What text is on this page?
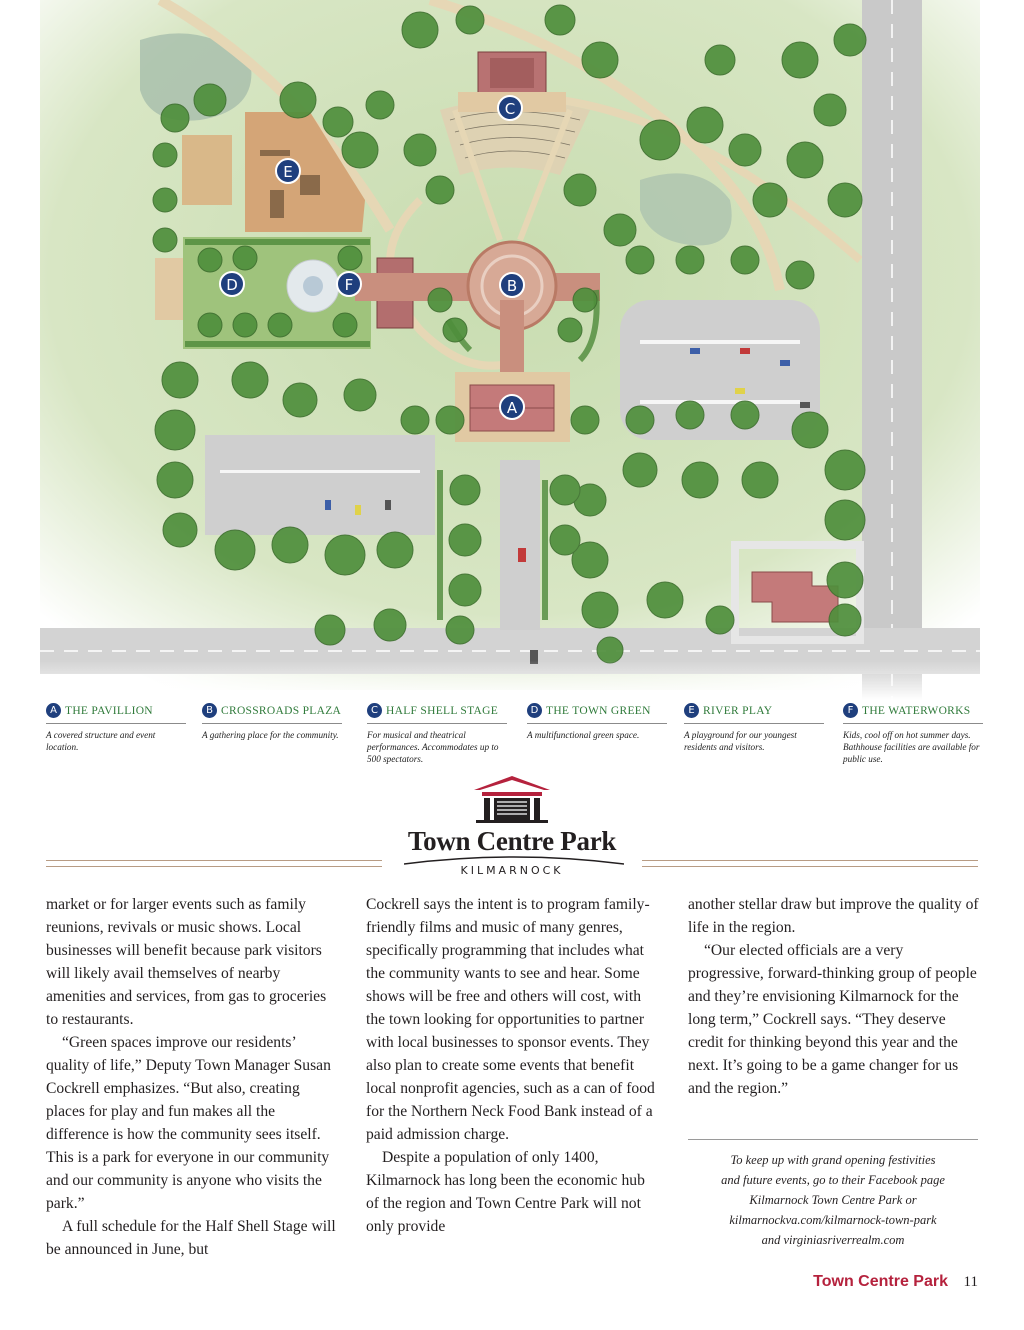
C
E
D	F	B
A
A THE PAVILLION
A covered structure and event location.
B CROSSROADS PLAZA
A gathering place for the community.
C HALF SHELL STAGE
For musical and theatrical performances. Accommodates up to 500 spectators.
D THE TOWN GREEN
A multifunctional green space.
E RIVER PLAY
A playground for our youngest residents and visitors.
F THE WATERWORKS
Kids, cool off on hot summer days. Bathhouse facilities are available for public use.
Town Centre Park
KILMARNOCK

market or for larger events such as family reunions, revivals or music shows. Local businesses will benefit because park visitors will likely avail themselves of nearby amenities and services, from gas to groceries to restaurants.

“Green spaces improve our residents’ quality of life,” Deputy Town Manager Susan Cockrell emphasizes. “But also, creating places for play and fun makes all the difference is how the community sees itself. This is a park for everyone in our community and our community is anyone who visits the park.”

A full schedule for the Half Shell Stage will be announced in June, but

Cockrell says the intent is to program family-friendly films and music of many genres, specifically programming that includes what the community wants to see and hear. Some shows will be free and others will cost, with the town looking for opportunities to partner with local businesses to sponsor events. They also plan to create some events that benefit local nonprofit agencies, such as a can of food for the Northern Neck Food Bank instead of a paid admission charge.

Despite a population of only 1400, Kilmarnock has long been the economic hub of the region and Town Centre Park will not only provide

another stellar draw but improve the quality of life in the region.

“Our elected officials are a very progressive, forward-thinking group of people and they’re envisioning Kilmarnock for the long term,” Cockrell says. “They deserve credit for thinking beyond this year and the next. It’s going to be a game changer for us and the region.”

To keep up with grand opening festivities

and future events, go to their Facebook page

Kilmarnock Town Centre Park or

kilmarnockva.com/kilmarnock-town-park

and virginiasriverrealm.com

Town Centre Park 11
